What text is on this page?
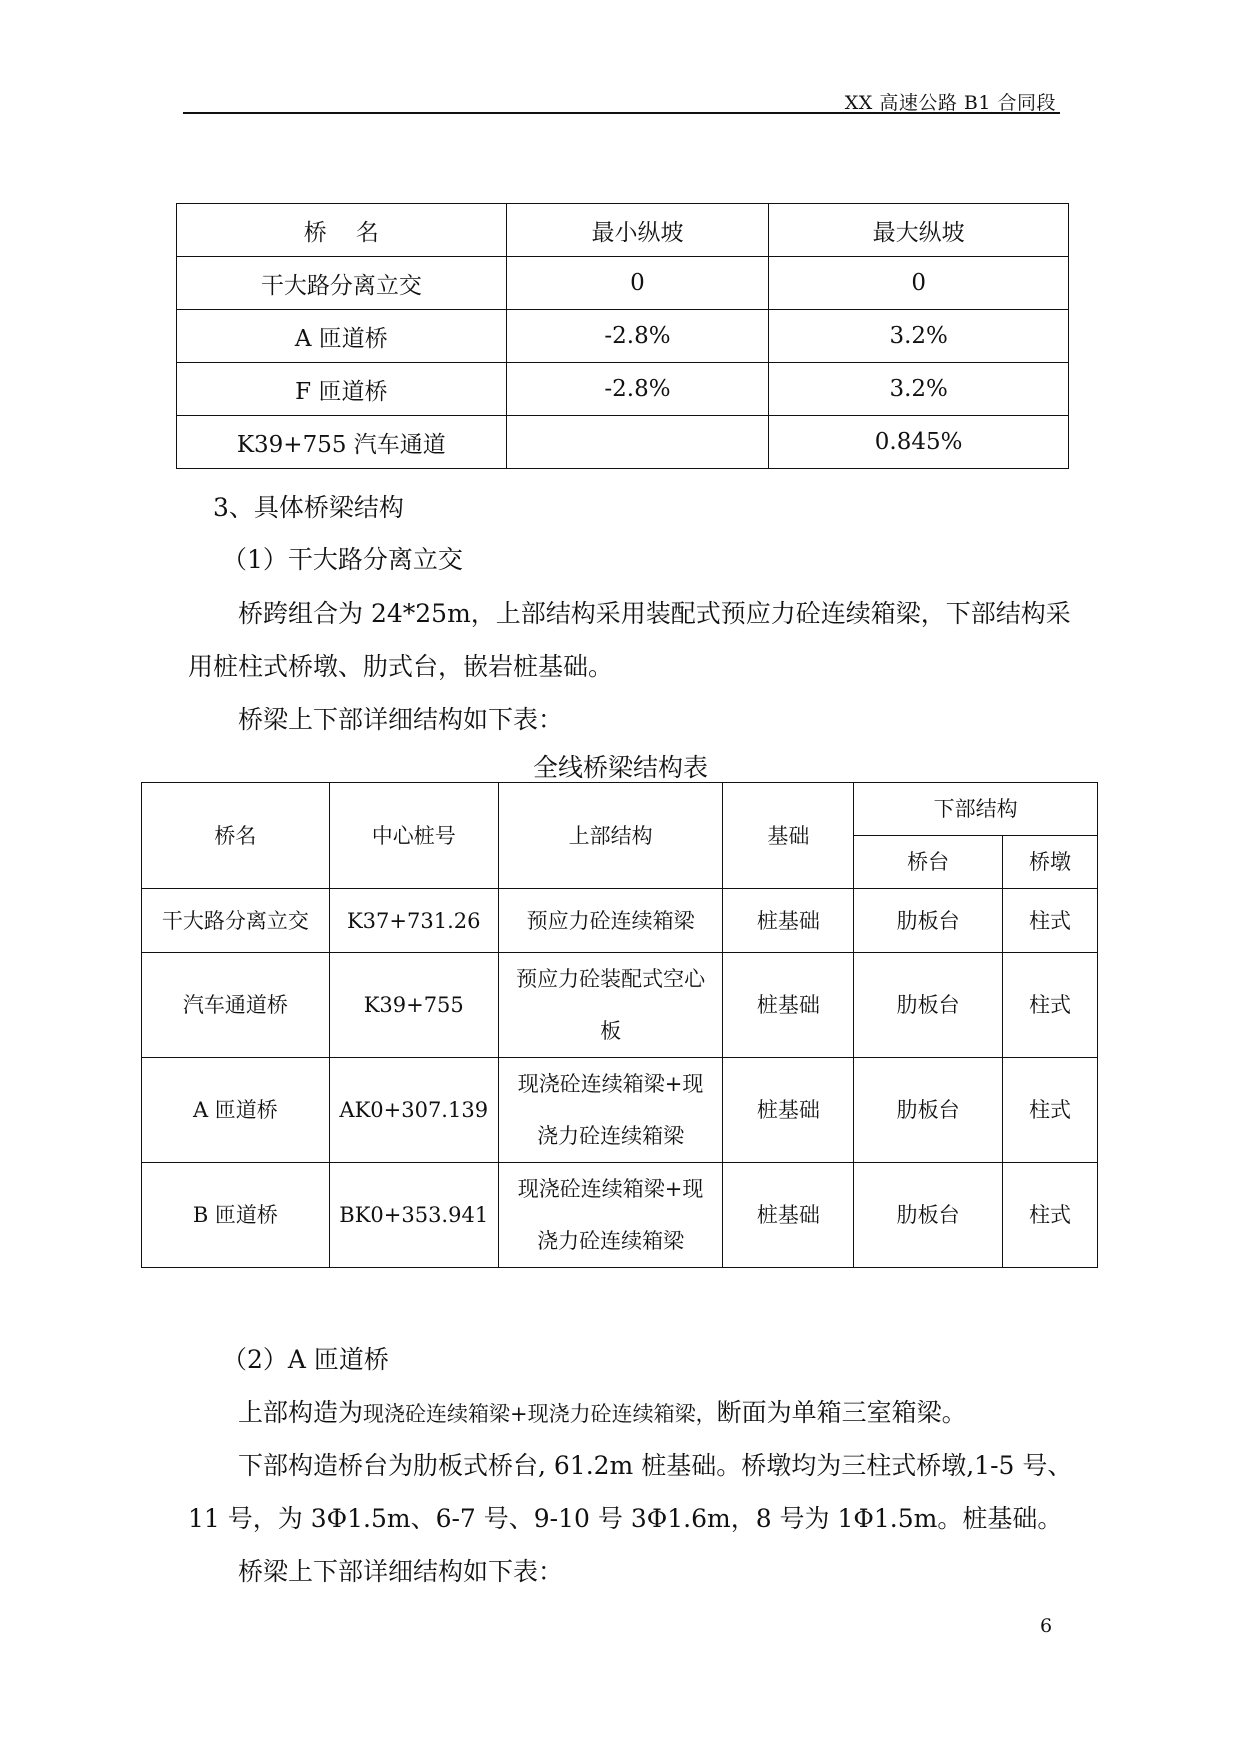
XX 高速公路 B1 合同段
桥    名	最小纵坡	最大纵坡
干大路分离立交	0	0
A 匝道桥	-2.8%	3.2%
F 匝道桥	-2.8%	3.2%
K39+755 汽车通道		0.845%
3、具体桥梁结构
（1）干大路分离立交
桥跨组合为 24*25m，上部结构采用装配式预应力砼连续箱梁，下部结构采
用桩柱式桥墩、肋式台，嵌岩桩基础。
桥梁上下部详细结构如下表：
全线桥梁结构表
桥名	中心桩号	上部结构	基础	下部结构	
				桥台	桥墩
干大路分离立交	K37+731.26	预应力砼连续箱梁	桩基础	肋板台	柱式
汽车通道桥	K39+755	预应力砼装配式空心
板	桩基础	肋板台	柱式
A 匝道桥	AK0+307.139	现浇砼连续箱梁+现
浇力砼连续箱梁	桩基础	肋板台	柱式
B 匝道桥	BK0+353.941	现浇砼连续箱梁+现
浇力砼连续箱梁	桩基础	肋板台	柱式
（2）A 匝道桥
上部构造为现浇砼连续箱梁+现浇力砼连续箱梁，断面为单箱三室箱梁。
下部构造桥台为肋板式桥台, 61.2m 桩基础。桥墩均为三柱式桥墩,1-5 号、
11 号，为 3Φ1.5m、6-7 号、9-10 号 3Φ1.6m，8 号为 1Φ1.5m。桩基础。
桥梁上下部详细结构如下表：
6
